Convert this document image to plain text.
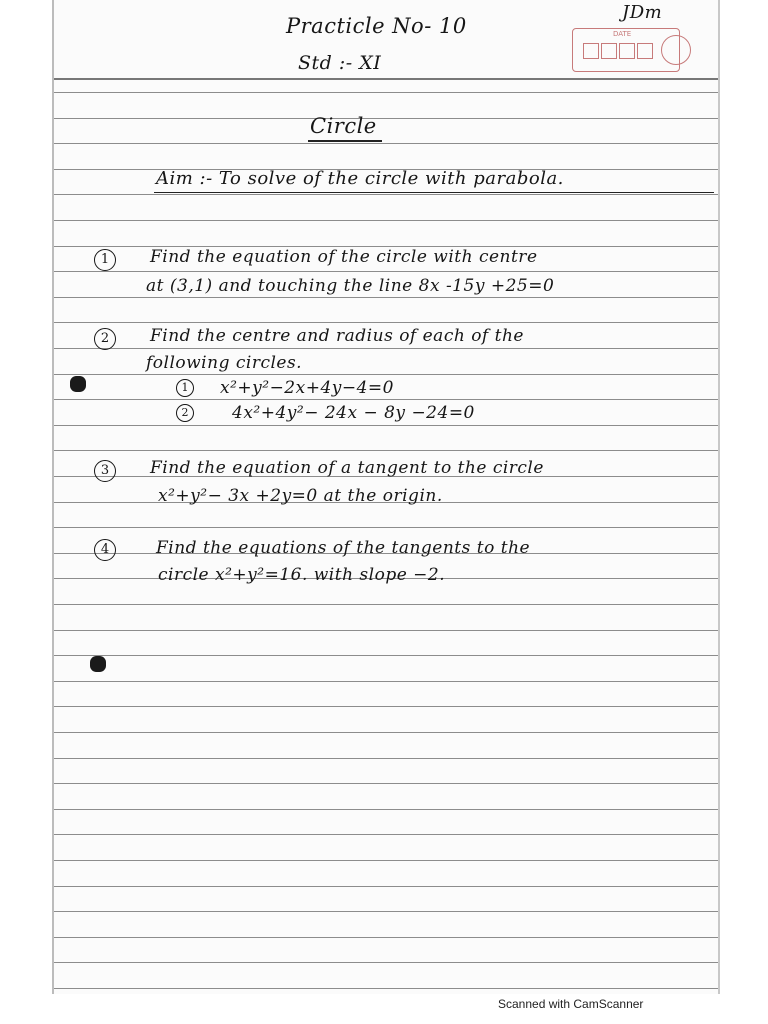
DATE
Practicle No- 10
Std :- XI
JDm
Circle
Aim :- To solve of the circle with parabola.
1	Find the equation of the circle with centre
at (3,1) and touching the line 8x -15y +25=0
2	Find the centre and radius of each of the
following circles.
1	x²+y²−2x+4y−4=0
2	4x²+4y²− 24x − 8y −24=0
3	Find the equation of a tangent to the circle
x²+y²− 3x +2y=0 at the origin.
4	Find the equations of the tangents to the
circle x²+y²=16. with slope −2.
Scanned with CamScanner
